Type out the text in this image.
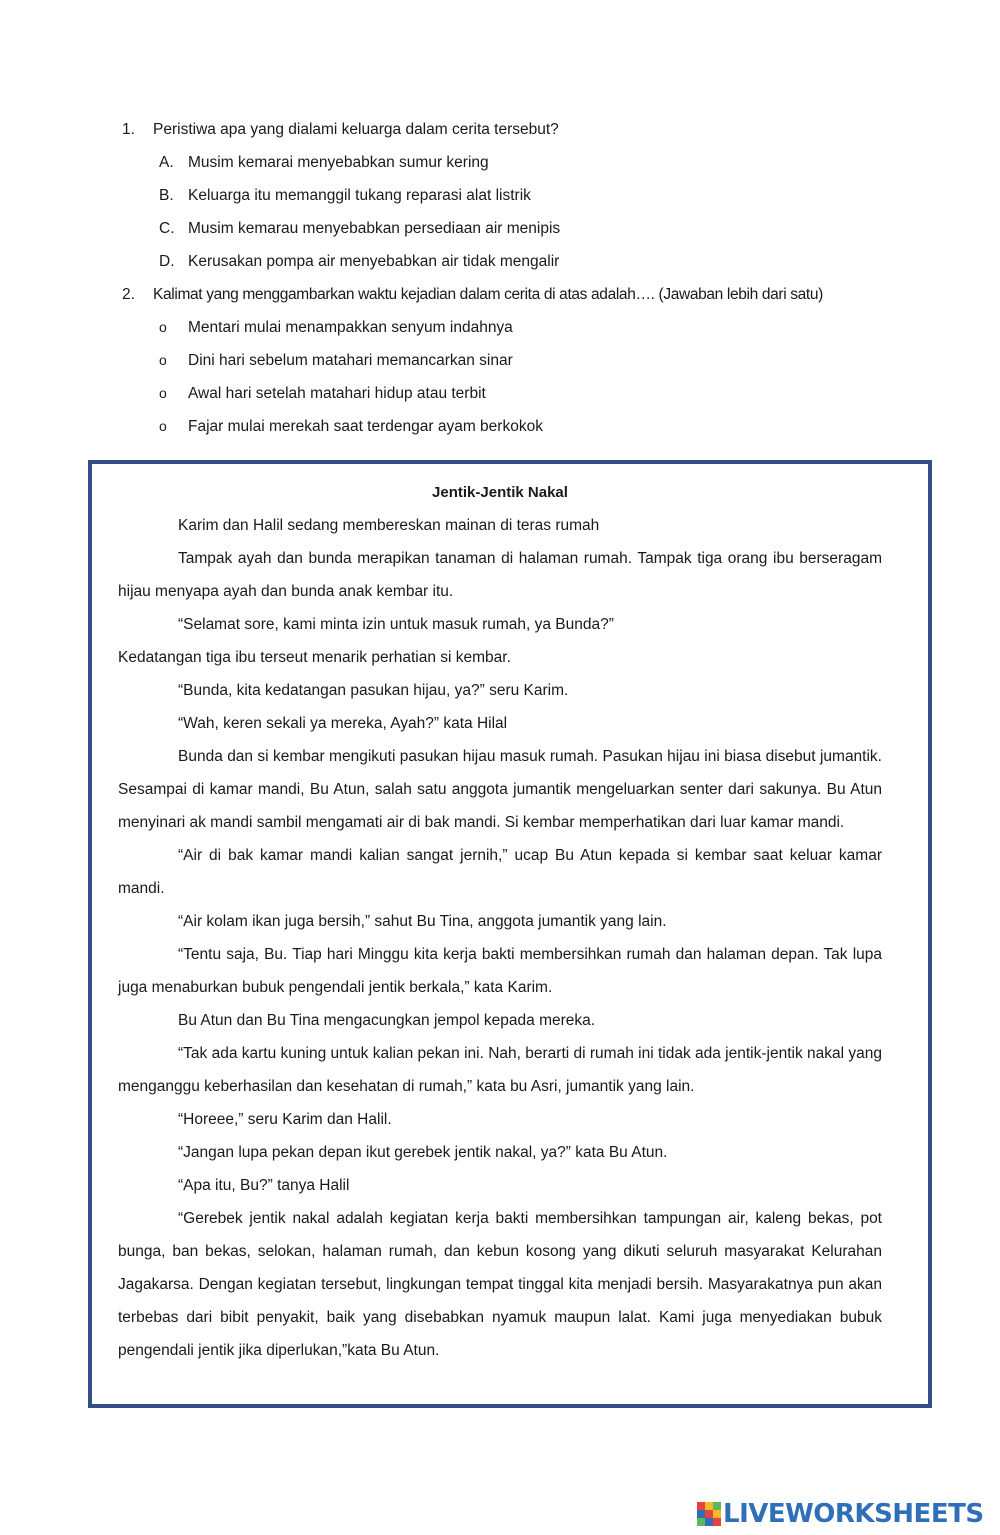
1. Peristiwa apa yang dialami keluarga dalam cerita tersebut?
A. Musim kemarai menyebabkan sumur kering
B. Keluarga itu memanggil tukang reparasi alat listrik
C. Musim kemarau menyebabkan persediaan air menipis
D. Kerusakan pompa air menyebabkan air tidak mengalir
2. Kalimat yang menggambarkan waktu kejadian dalam cerita di atas adalah…. (Jawaban lebih dari satu)
o Mentari mulai menampakkan senyum indahnya
o Dini hari sebelum matahari memancarkan sinar
o Awal hari setelah matahari hidup atau terbit
o Fajar mulai merekah saat terdengar ayam berkokok
Jentik-Jentik Nakal

Karim dan Halil sedang membereskan mainan di teras rumah

Tampak ayah dan bunda merapikan tanaman di halaman rumah. Tampak tiga orang ibu berseragam hijau menyapa ayah dan bunda anak kembar itu.

“Selamat sore, kami minta izin untuk masuk rumah, ya Bunda?”

Kedatangan tiga ibu terseut menarik perhatian si kembar.

“Bunda, kita kedatangan pasukan hijau, ya?” seru Karim.

“Wah, keren sekali ya mereka, Ayah?” kata Hilal

Bunda dan si kembar mengikuti pasukan hijau masuk rumah. Pasukan hijau ini biasa disebut jumantik. Sesampai di kamar mandi, Bu Atun, salah satu anggota jumantik mengeluarkan senter dari sakunya. Bu Atun menyinari ak mandi sambil mengamati air di bak mandi. Si kembar memperhatikan dari luar kamar mandi.

“Air di bak kamar mandi kalian sangat jernih,” ucap Bu Atun kepada si kembar saat keluar kamar mandi.

“Air kolam ikan juga bersih,” sahut Bu Tina, anggota jumantik yang lain.

“Tentu saja, Bu. Tiap hari Minggu kita kerja bakti membersihkan rumah dan halaman depan. Tak lupa juga menaburkan bubuk pengendali jentik berkala,” kata Karim.

Bu Atun dan Bu Tina mengacungkan jempol kepada mereka.

“Tak ada kartu kuning untuk kalian pekan ini. Nah, berarti di rumah ini tidak ada jentik-jentik nakal yang menganggu keberhasilan dan kesehatan di rumah,” kata bu Asri, jumantik yang lain.

“Horeee,” seru Karim dan Halil.

“Jangan lupa pekan depan ikut gerebek jentik nakal, ya?” kata Bu Atun.

“Apa itu, Bu?” tanya Halil

“Gerebek jentik nakal adalah kegiatan kerja bakti membersihkan tampungan air, kaleng bekas, pot bunga, ban bekas, selokan, halaman rumah, dan kebun kosong yang dikuti seluruh masyarakat Kelurahan Jagakarsa. Dengan kegiatan tersebut, lingkungan tempat tinggal kita menjadi bersih. Masyarakatnya pun akan terbebas dari bibit penyakit, baik yang disebabkan nyamuk maupun lalat. Kami juga menyediakan bubuk pengendali jentik jika diperlukan,”kata Bu Atun.

LIVEWORKSHEETS
